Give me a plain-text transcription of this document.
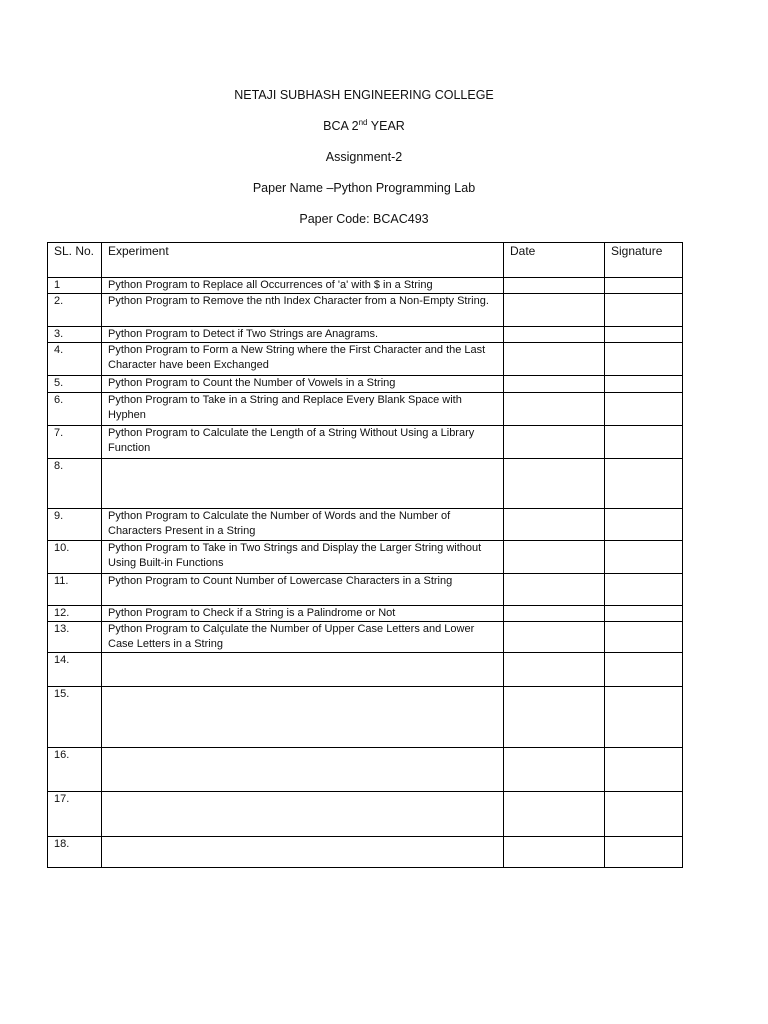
NETAJI SUBHASH ENGINEERING COLLEGE
BCA 2nd YEAR
Assignment-2
Paper Name –Python Programming Lab
Paper Code: BCAC493
SL. No.	Experiment	Date	Signature
1	Python Program to Replace all Occurrences of 'a' with $ in a String		
2.	Python Program to Remove the nth Index Character from a Non-Empty String.		
3.	Python Program to Detect if Two Strings are Anagrams.		
4.	Python Program to Form a New String where the First Character and the Last Character have been Exchanged		
5.	Python Program to Count the Number of Vowels in a String		
6.	Python Program to Take in a String and Replace Every Blank Space with Hyphen		
7.	Python Program to Calculate the Length of a String Without Using a Library Function		
8.			
9.	Python Program to Calculate the Number of Words and the Number of Characters Present in a String		
10.	Python Program to Take in Two Strings and Display the Larger String without Using Built-in Functions		
11.	Python Program to Count Number of Lowercase Characters in a String		
12.	Python Program to Check if a String is a Palindrome or Not		
13.	Python Program to Calçulate the Number of Upper Case Letters and Lower Case Letters in a String		
14.			
15.			
16.			
17.			
18.			
